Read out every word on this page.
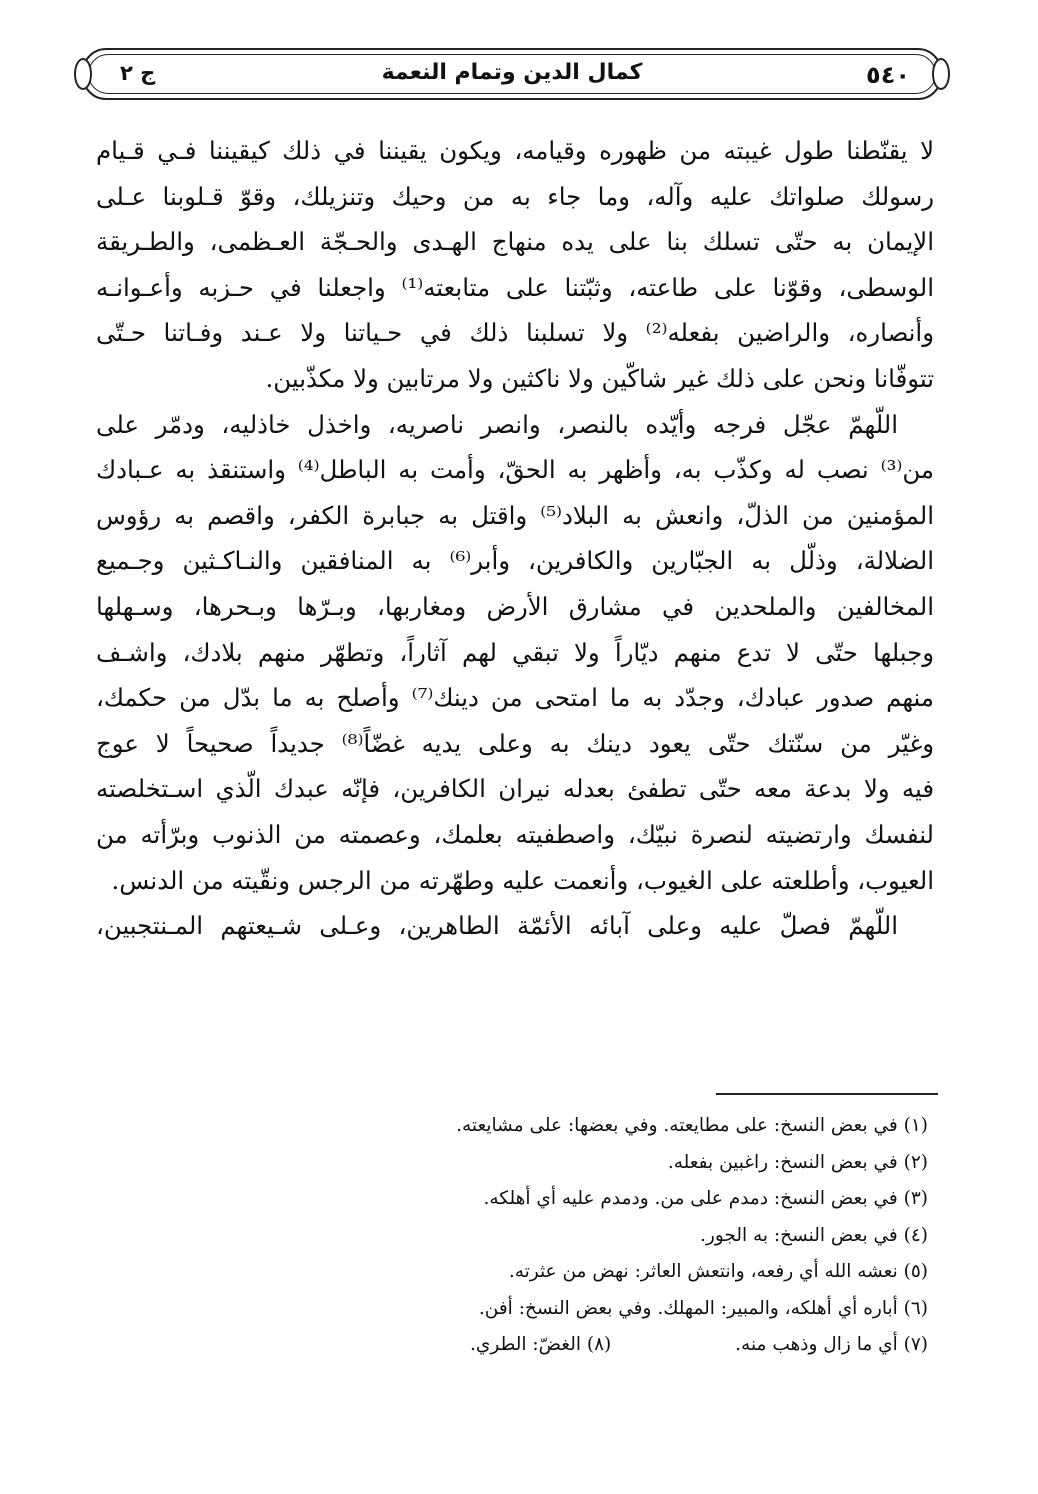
٥٤٠
كمال الدين وتمام النعمة
ج ٢

لا يقنّطنا طول غيبته من ظهوره وقيامه، ويكون يقيننا في ذلك كيقيننا فـي قـيام
رسولك صلواتك عليه وآله، وما جاء به من وحيك وتنزيلك، وقوّ قـلوبنا عـلى
الإيمان به حتّى تسلك بنا على يده منهاج الهـدى والحـجّة العـظمى، والطـريقة
الوسطى، وقوّنا على طاعته، وثبّتنا على متابعته⁽¹⁾ واجعلنا في حـزبه وأعـوانـه
وأنصاره، والراضين بفعله⁽²⁾ ولا تسلبنا ذلك في حـياتنا ولا عـند وفـاتنا حـتّى
تتوفّانا ونحن على ذلك غير شاكّين ولا ناكثين ولا مرتابين ولا مكذّبين.

اللّهمّ عجّل فرجه وأيّده بالنصر، وانصر ناصريه، واخذل خاذليه، ودمّر على
من⁽³⁾ نصب له وكذّب به، وأظهر به الحقّ، وأمت به الباطل⁽⁴⁾ واستنقذ به عـبادك
المؤمنين من الذلّ، وانعش به البلاد⁽⁵⁾ واقتل به جبابرة الكفر، واقصم به رؤوس
الضلالة، وذلّل به الجبّارين والكافرين، وأبر⁽⁶⁾ به المنافقين والنـاكـثين وجـميع
المخالفين والملحدين في مشارق الأرض ومغاربها، وبـرّها وبـحرها، وسـهلها
وجبلها حتّى لا تدع منهم ديّاراً ولا تبقي لهم آثاراً، وتطهّر منهم بلادك، واشـف
منهم صدور عبادك، وجدّد به ما امتحى من دينك⁽⁷⁾ وأصلح به ما بدّل من حكمك،
وغيّر من سنّتك حتّى يعود دينك به وعلى يديه غضّاً⁽⁸⁾ جديداً صحيحاً لا عوج
فيه ولا بدعة معه حتّى تطفئ بعدله نيران الكافرين، فإنّه عبدك الّذي اسـتخلصته
لنفسك وارتضيته لنصرة نبيّك، واصطفيته بعلمك، وعصمته من الذنوب وبرّأته من
العيوب، وأطلعته على الغيوب، وأنعمت عليه وطهّرته من الرجس ونقّيته من الدنس.

اللّهمّ فصلّ عليه وعلى آبائه الأئمّة الطاهرين، وعـلى شـيعتهم المـنتجبين،

(١) في بعض النسخ: على مطايعته. وفي بعضها: على مشايعته.
(٢) في بعض النسخ: راغبين بفعله.
(٣) في بعض النسخ: دمدم على من. ودمدم عليه أي أهلكه.
(٤) في بعض النسخ: به الجور.
(٥) نعشه الله أي رفعه، وانتعش العاثر: نهض من عثرته.
(٦) أباره أي أهلكه، والمبير: المهلك. وفي بعض النسخ: أفن.
(٧) أي ما زال وذهب منه. (٨) الغضّ: الطري.
